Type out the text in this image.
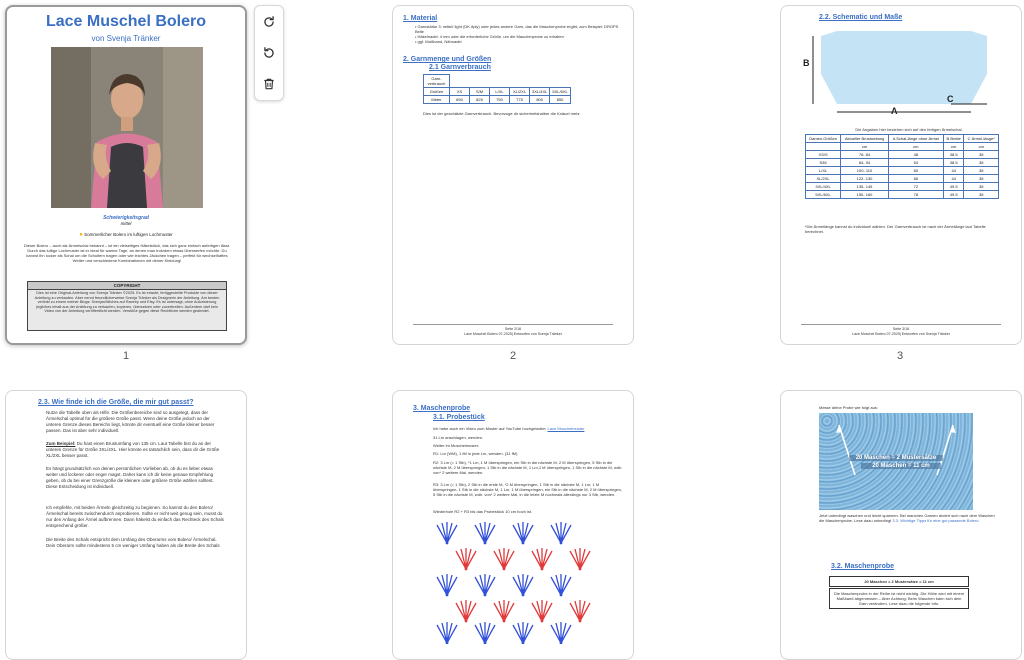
Lace Muschel Bolero
von Svenja Tränker
Schwierigkeitsgrad
mittel
● Sommerlicher Bolero im luftigen Lochmuster
Dieser Bolero – auch als Ärmelschal bekannt – ist ein vielseitiges Häkelstück, das sich ganz einfach anfertigen lässt. Durch das luftige Lochmuster ist er ideal für warme Tage, an denen man trotzdem etwas Überwerfen möchte. Du kannst ihn locker als Schal um die Schultern tragen oder wie leichtes Jäckchen tragen – perfekt für wechselhaftes Wetter und verschiedene Kombinationen mit deiner Kleidung!
COPYRIGHT
Dies ist eine Original-Anleitung von Svenja Tränker ©2025. Es ist erlaubt, fertiggestellte Produkte von dieser Anleitung zu verkaufen. Aber nennt freundlicherweise Svenja Tränker als Designerin der Anleitung. Am besten verlinkt zu einem meiner Blogs: SvenjasStitches auf Ravelry und Etsy. Es ist untersagt, ohne Autorisierung (egliches inhalt aus der Anleitung zu verkaufen, kopieren, übersetzen oder zuverbreiten. Außerdem darf kein Video von der Anleitung veröffentlicht werden. Verstöße gegen diese Rechtliche werden geahndet.
1
1. Material
• Garnstärke 3: mittel/ light (DK 8ply) oder jedes andere Garn, das die Maschenprobe ergibt, zum Beispiel: DROPS Belle
• Häkelnadel: 4 mm oder die erforderliche Größe, um die Maschenprobe zu erhalten
• ggf. Maßband, Nähnadel
2. Garnmenge und Größen
2.1 Garnverbrauch
Garn-verbrauch						
Größen	XS	S/M	L/XL	XL/2XL	3XL/4XL	5XL/6XL
Meter	650	825	750	775	800	850
Dies ist der geschätzte Garnverbrauch. Bevorzuge dir sicherheitshalber die Knäuel mehr.
Seite 2/16
Lace Muschel Bolero 07-2025| Entworfen von Svenja Tränker
2
2.2. Schematic und Maße
B
A
C
Die Angaben hier beziehen sich auf den fertigen Ärmelschal.
Damen-Größen	Aktueller Brustumfang	A Schal-länge ohne Ärmel	B Breite	C Ärmel-länge*
	cm	cm	cm	cm
XS/S	76- 84	48	38.5	38
S/M	84- 94	54	38.5	38
L/XL	100- 110	60	44	38
XL/2XL	122- 130	66	44	38
3XL/4XL	135- 145	72	49.5	38
5XL/6XL	150- 160	78	49.5	38
*Die Ärmellänge kannst du individuell wählen. Der Garnverbrauch ist nach der Ärmellänge laut Tabelle berechnet.
Seite 3/16
Lace Muschel Bolero 07-2025| Entworfen von Svenja Tränker
3
2.3. Wie finde ich die Größe, die mir gut passt?
Nutze die Tabelle oben als Hilfe. Die Größenbereiche sind so ausgelegt, dass der Ärmelschal optimal für die größere Größe passt. Wenn deine Größe jedoch an der unteren Grenze dieses Bereichs liegt, könnte dir eventuell eine Größe kleiner besser passen. Das ist aber sehr individuell.
Zum Beispiel: Du hast einen Brustumfang von 135 cm. Laut Tabelle bist du an der unteren Grenze für Größe 3XL/4XL. Hier könnte es tatsächlich sein, dass dir die Größe XL/2XL besser passt.
Es hängt grundsätzlich von deinen persönlichen Vorlieben ab, ob du es lieber etwas weiter und lockerer oder enger magst. Daher kann ich dir keine genaue Empfehlung geben, ob du bei einer Grenzgröße die kleinere oder größere Größe wählen solltest. Diese Entscheidung ist individuell.
Ich empfehle, mit beiden Ärmeln gleichzeitig zu beginnen. So kannst du den Bolero/ Ärmelschal bereits zwischendurch anprobieren. Sollte er nicht weit genug sein, musst du nur den Anfang der Ärmel aufbrennen. Dann häkelst du einfach das Rechteck des Schals entsprechend größer.
Die Breite des Schals entspricht dem Umfang des Oberarms vom Bolero/ Ärmelschal. Dein Oberarm sollte mindestens 5 cm weniger Umfang haben als die Breite des Schals
3. Maschenprobe
3.1. Probestück
Ich habe auch ein Video zum Muster auf YouTube hochgeladen: Lace Muschelmuster
31 Lm anschlagen, wenden.
Weiter im Muschelmuster:
R1: Lm (WM), 1 fM in jede Lm, wenden. (31 fM)
R2: 3 Lm (= 1 Stb), *1 Lm, 1 M überspringen, ein Stb in die nächste M, 2 M überspringen, 5 Stb in die nächste M, 2 M überspringen, 1 Stb in die nächste M, 1 Lm,1 M überspringen, 1 Stb in die nächste M, wdh. von* 2 weitere Mal, wenden.
R3: 3 Lm (= 1 Stb), 2 Stb in die erste M, *2 M überspringen, 1 Stb in die nächste M, 1 Lm, 1 M überspringen, 1 Stb in die nächste M, 1 Lm, 1 M überspringen, ein Stb in die nächste M, 2 M überspringen, 5 Stb in die nächste M, wdh. von* 2 weitere Mal, in die letzte M nochmals allerdings nur 3 Stb, wenden.
Wiederhole R2 + R3 bis das Probestück 10 cm hoch ist.
Messe deine Probe wie folgt aus:
20 Maschen = 2 Mustersätze
20 Maschen = 11 cm
Jetzt unbedingt waschen und leicht spannen. Bei manchen Garnen ändert sich nach dem Waschen die Maschenprobe. Lese dazu unbedingt 3.3. Wichtige Tipps für eine gut passende Bolero.
3.2. Maschenprobe
20 Maschen = 2 Mustersätze = 11 cm
Die Maschenprobe in der Reihe ist nicht wichtig. Die Höhe wird mit einem Maßband abgemessen – Aber Achtung: Beim Waschen kann sich dein Garn verändern. Lese dazu die folgende Info.
